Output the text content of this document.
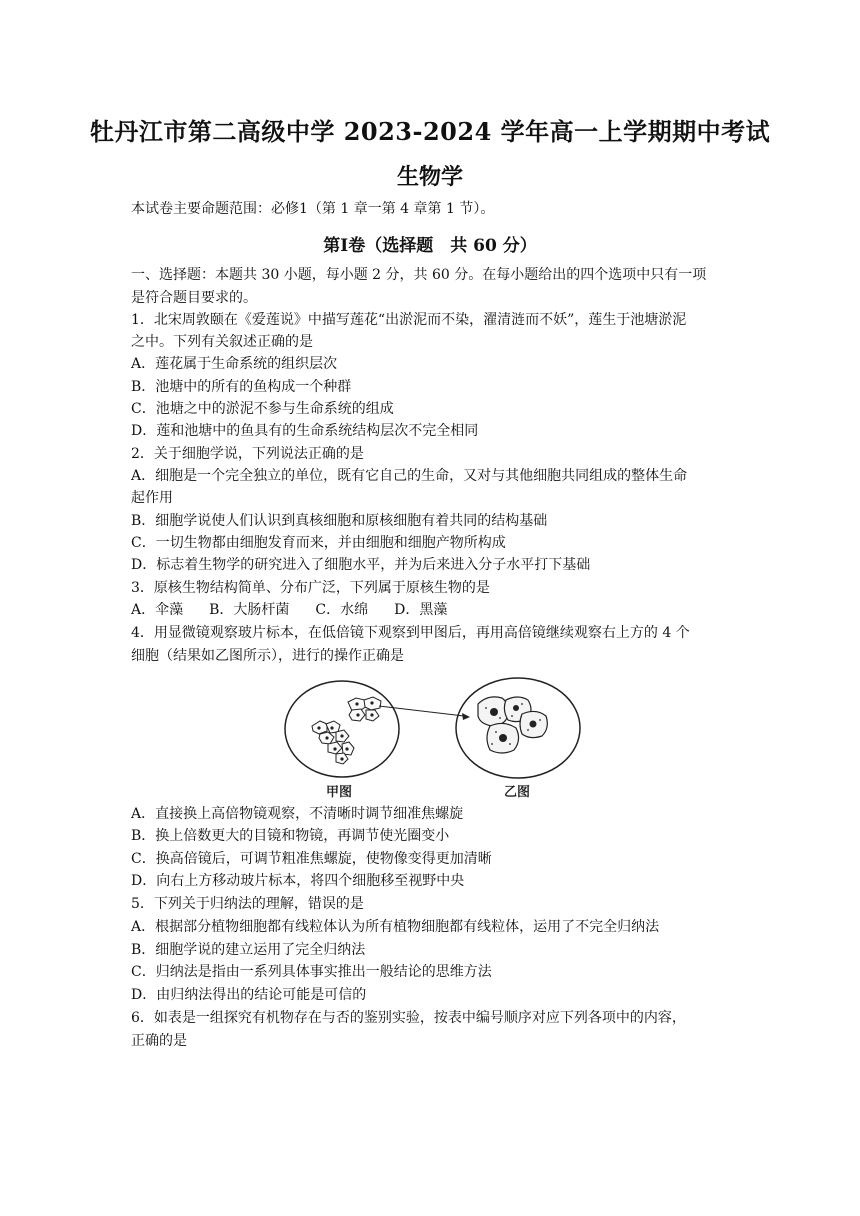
牡丹江市第二高级中学 2023-2024 学年高一上学期期中考试
生物学
本试卷主要命题范围：必修1（第 1 章一第 4 章第 1 节）。
第Ⅰ卷（选择题　共 60 分）
一、选择题：本题共 30 小题，每小题 2 分，共 60 分。在每小题给出的四个选项中只有一项
是符合题目要求的。
1．北宋周敦颐在《爱莲说》中描写莲花“出淤泥而不染，濯清涟而不妖”，莲生于池塘淤泥
之中。下列有关叙述正确的是
A．莲花属于生命系统的组织层次
B．池塘中的所有的鱼构成一个种群
C．池塘之中的淤泥不参与生命系统的组成
D．莲和池塘中的鱼具有的生命系统结构层次不完全相同
2．关于细胞学说，下列说法正确的是
A．细胞是一个完全独立的单位，既有它自己的生命，又对与其他细胞共同组成的整体生命
起作用
B．细胞学说使人们认识到真核细胞和原核细胞有着共同的结构基础
C．一切生物都由细胞发育而来，并由细胞和细胞产物所构成
D．标志着生物学的研究进入了细胞水平，并为后来进入分子水平打下基础
3．原核生物结构简单、分布广泛，下列属于原核生物的是
A．伞藻 B．大肠杆菌 C．水绵 D．黑藻
4．用显微镜观察玻片标本，在低倍镜下观察到甲图后，再用高倍镜继续观察右上方的 4 个
细胞（结果如乙图所示），进行的操作正确是
甲图	乙图
A．直接换上高倍物镜观察，不清晰时调节细准焦螺旋
B．换上倍数更大的目镜和物镜，再调节使光圈变小
C．换高倍镜后，可调节粗准焦螺旋，使物像变得更加清晰
D．向右上方移动玻片标本，将四个细胞移至视野中央
5．下列关于归纳法的理解，错误的是
A．根据部分植物细胞都有线粒体认为所有植物细胞都有线粒体，运用了不完全归纳法
B．细胞学说的建立运用了完全归纳法
C．归纳法是指由一系列具体事实推出一般结论的思维方法
D．由归纳法得出的结论可能是可信的
6．如表是一组探究有机物存在与否的鉴别实验，按表中编号顺序对应下列各项中的内容，
正确的是
